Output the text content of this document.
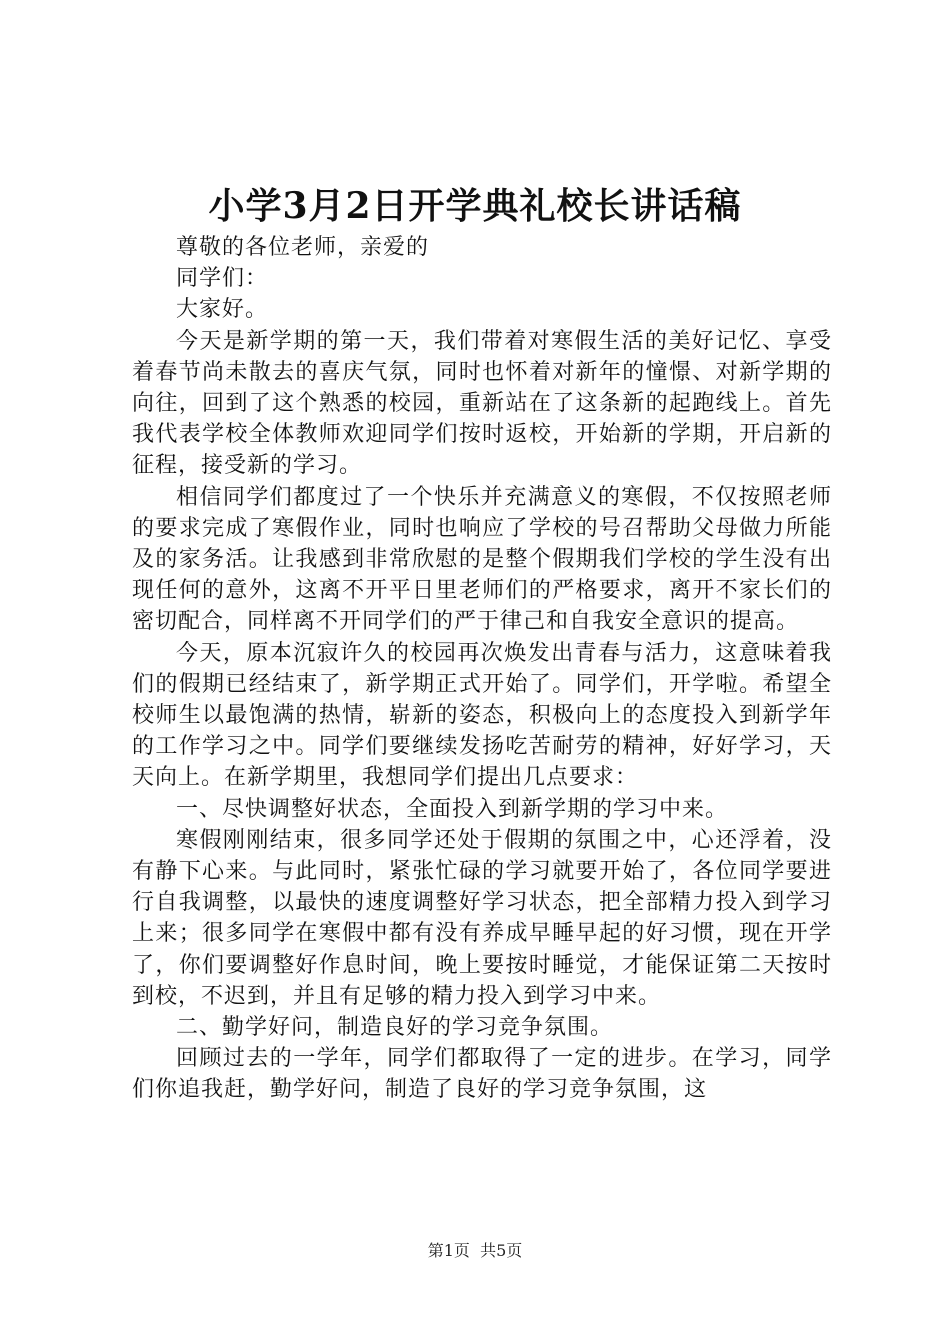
小学3月2日开学典礼校长讲话稿

尊敬的各位老师，亲爱的

同学们：

大家好。

今天是新学期的第一天，我们带着对寒假生活的美好记忆、享受着春节尚未散去的喜庆气氛，同时也怀着对新年的憧憬、对新学期的向往，回到了这个熟悉的校园，重新站在了这条新的起跑线上。首先我代表学校全体教师欢迎同学们按时返校，开始新的学期，开启新的征程，接受新的学习。

相信同学们都度过了一个快乐并充满意义的寒假，不仅按照老师的要求完成了寒假作业，同时也响应了学校的号召帮助父母做力所能及的家务活。让我感到非常欣慰的是整个假期我们学校的学生没有出现任何的意外，这离不开平日里老师们的严格要求，离开不家长们的密切配合，同样离不开同学们的严于律己和自我安全意识的提高。

今天，原本沉寂许久的校园再次焕发出青春与活力，这意味着我们的假期已经结束了，新学期正式开始了。同学们，开学啦。希望全校师生以最饱满的热情，崭新的姿态，积极向上的态度投入到新学年的工作学习之中。同学们要继续发扬吃苦耐劳的精神，好好学习，天天向上。在新学期里，我想同学们提出几点要求：

一、尽快调整好状态，全面投入到新学期的学习中来。

寒假刚刚结束，很多同学还处于假期的氛围之中，心还浮着，没有静下心来。与此同时，紧张忙碌的学习就要开始了，各位同学要进行自我调整，以最快的速度调整好学习状态，把全部精力投入到学习上来；很多同学在寒假中都有没有养成早睡早起的好习惯，现在开学了，你们要调整好作息时间，晚上要按时睡觉，才能保证第二天按时到校，不迟到，并且有足够的精力投入到学习中来。

二、勤学好问，制造良好的学习竞争氛围。

回顾过去的一学年，同学们都取得了一定的进步。在学习，同学们你追我赶，勤学好问，制造了良好的学习竞争氛围，这

第1页  共5页
